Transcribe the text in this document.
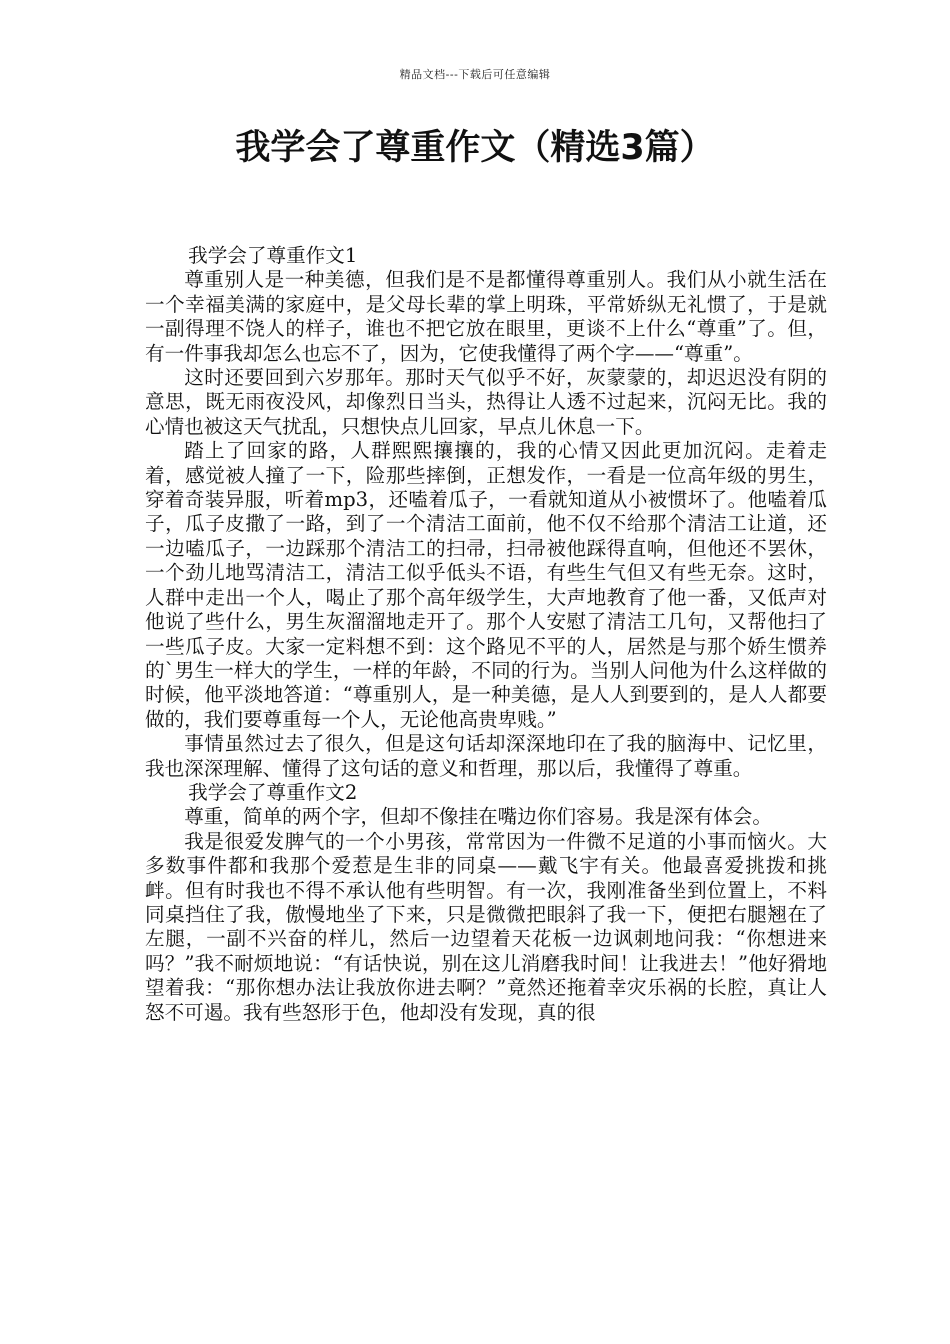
精品文档---下载后可任意编辑
我学会了尊重作文（精选3篇）

我学会了尊重作文1

尊重别人是一种美德，但我们是不是都懂得尊重别人。我们从小就生活在一个幸福美满的家庭中，是父母长辈的掌上明珠，平常娇纵无礼惯了，于是就一副得理不饶人的样子，谁也不把它放在眼里，更谈不上什么“尊重”了。但，有一件事我却怎么也忘不了，因为，它使我懂得了两个字——“尊重”。

这时还要回到六岁那年。那时天气似乎不好，灰蒙蒙的，却迟迟没有阴的意思，既无雨夜没风，却像烈日当头，热得让人透不过起来，沉闷无比。我的心情也被这天气扰乱，只想快点儿回家，早点儿休息一下。

踏上了回家的路，人群熙熙攘攘的，我的心情又因此更加沉闷。走着走着，感觉被人撞了一下，险那些摔倒，正想发作，一看是一位高年级的男生，穿着奇装异服，听着mp3，还嗑着瓜子，一看就知道从小被惯坏了。他嗑着瓜子，瓜子皮撒了一路，到了一个清洁工面前，他不仅不给那个清洁工让道，还一边嗑瓜子，一边踩那个清洁工的扫帚，扫帚被他踩得直响，但他还不罢休，一个劲儿地骂清洁工，清洁工似乎低头不语，有些生气但又有些无奈。这时，人群中走出一个人，喝止了那个高年级学生，大声地教育了他一番，又低声对他说了些什么，男生灰溜溜地走开了。那个人安慰了清洁工几句，又帮他扫了一些瓜子皮。大家一定料想不到：这个路见不平的人，居然是与那个娇生惯养的`男生一样大的学生，一样的年龄，不同的行为。当别人问他为什么这样做的时候，他平淡地答道：“尊重别人，是一种美德，是人人到要到的，是人人都要做的，我们要尊重每一个人，无论他高贵卑贱。”

事情虽然过去了很久，但是这句话却深深地印在了我的脑海中、记忆里，我也深深理解、懂得了这句话的意义和哲理，那以后，我懂得了尊重。

我学会了尊重作文2

尊重，简单的两个字，但却不像挂在嘴边你们容易。我是深有体会。

我是很爱发脾气的一个小男孩，常常因为一件微不足道的小事而恼火。大多数事件都和我那个爱惹是生非的同桌——戴飞宇有关。他最喜爱挑拨和挑衅。但有时我也不得不承认他有些明智。有一次，我刚准备坐到位置上，不料同桌挡住了我，傲慢地坐了下来，只是微微把眼斜了我一下，便把右腿翘在了左腿，一副不兴奋的样儿，然后一边望着天花板一边讽刺地问我：“你想进来吗？”我不耐烦地说：“有话快说，别在这儿消磨我时间！让我进去！”他好猾地望着我：“那你想办法让我放你进去啊？”竟然还拖着幸灾乐祸的长腔，真让人怒不可遏。我有些怒形于色，他却没有发现，真的很
